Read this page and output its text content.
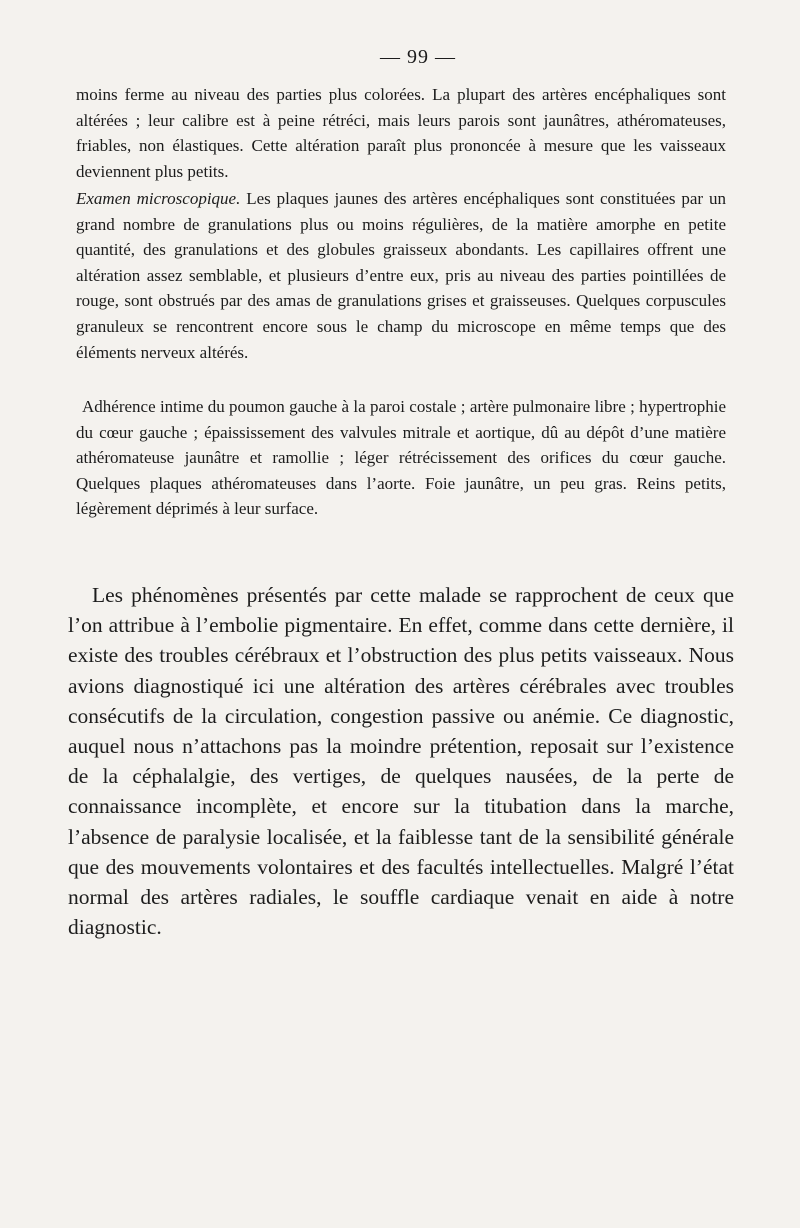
— 99 —

moins ferme au niveau des parties plus colorées. La plupart des artères encéphaliques sont altérées ; leur calibre est à peine rétréci, mais leurs parois sont jaunâtres, athéromateuses, friables, non élastiques. Cette altération paraît plus prononcée à mesure que les vaisseaux deviennent plus petits.

Examen microscopique. Les plaques jaunes des artères encéphaliques sont constituées par un grand nombre de granulations plus ou moins régulières, de la matière amorphe en petite quantité, des granulations et des globules graisseux abondants. Les capillaires offrent une altération assez semblable, et plusieurs d’entre eux, pris au niveau des parties pointillées de rouge, sont obstrués par des amas de granulations grises et graisseuses. Quelques corpuscules granuleux se rencontrent encore sous le champ du microscope en même temps que des éléments nerveux altérés.

Adhérence intime du poumon gauche à la paroi costale ; artère pulmonaire libre ; hypertrophie du cœur gauche ; épaississement des valvules mitrale et aortique, dû au dépôt d’une matière athéromateuse jaunâtre et ramollie ; léger rétrécissement des orifices du cœur gauche. Quelques plaques athéromateuses dans l’aorte. Foie jaunâtre, un peu gras. Reins petits, légèrement déprimés à leur surface.

Les phénomènes présentés par cette malade se rapprochent de ceux que l’on attribue à l’embolie pigmentaire. En effet, comme dans cette dernière, il existe des troubles cérébraux et l’obstruction des plus petits vaisseaux. Nous avions diagnostiqué ici une altération des artères cérébrales avec troubles consécutifs de la circulation, congestion passive ou anémie. Ce diagnostic, auquel nous n’attachons pas la moindre prétention, reposait sur l’existence de la céphalalgie, des vertiges, de quelques nausées, de la perte de connaissance incomplète, et encore sur la titubation dans la marche, l’absence de paralysie localisée, et la faiblesse tant de la sensibilité générale que des mouvements volontaires et des facultés intellectuelles. Malgré l’état normal des artères radiales, le souffle cardiaque venait en aide à notre diagnostic.
